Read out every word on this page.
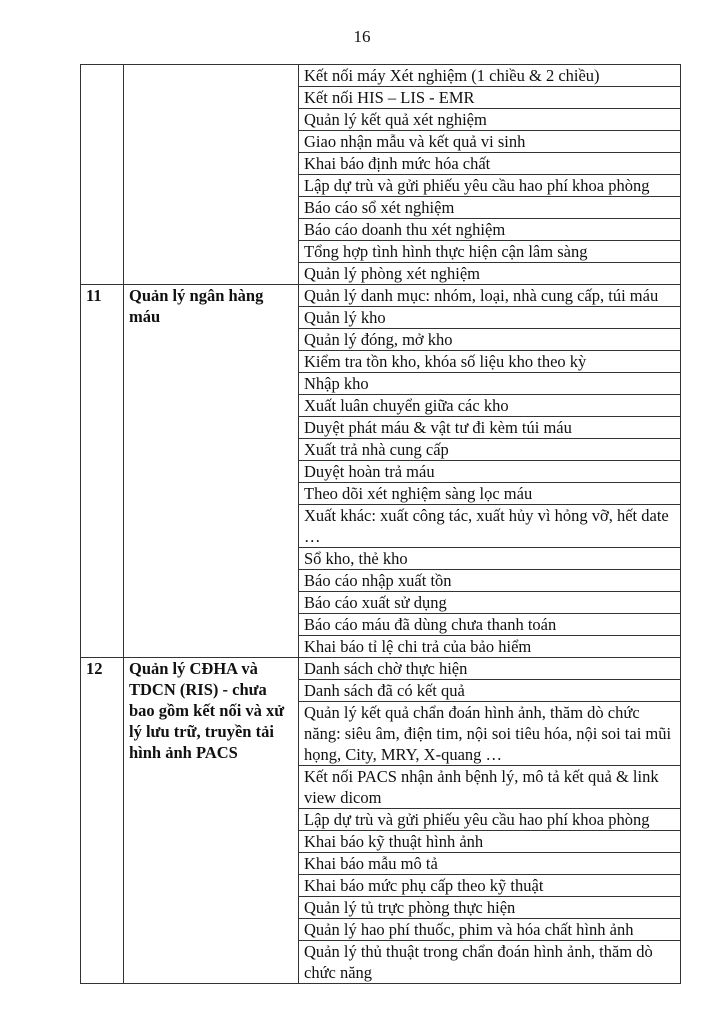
16
		Kết nối máy Xét nghiệm (1 chiều & 2 chiều)
		Kết nối HIS – LIS - EMR
		Quản lý kết quả xét nghiệm
		Giao nhận mẫu và kết quả vi sinh
		Khai báo định mức hóa chất
		Lập dự trù và gửi phiếu yêu cầu hao phí khoa phòng
		Báo cáo sổ xét nghiệm
		Báo cáo doanh thu xét nghiệm
		Tổng hợp tình hình thực hiện cận lâm sàng
		Quản lý phòng xét nghiệm
11	Quản lý ngân hàng máu	Quản lý danh mục: nhóm, loại, nhà cung cấp, túi máu
		Quản lý kho
		Quản lý đóng, mở kho
		Kiểm tra tồn kho, khóa số liệu kho theo kỳ
		Nhập kho
		Xuất luân chuyển giữa các kho
		Duyệt phát máu & vật tư đi kèm túi máu
		Xuất trả nhà cung cấp
		Duyệt hoàn trả máu
		Theo dõi xét nghiệm sàng lọc máu
		Xuất khác: xuất công tác, xuất hủy vì hỏng vỡ, hết date …
		Sổ kho, thẻ kho
		Báo cáo nhập xuất tồn
		Báo cáo xuất sử dụng
		Báo cáo máu đã dùng chưa thanh toán
		Khai báo tỉ lệ chi trả của bảo hiểm
12	Quản lý CĐHA và TDCN (RIS) - chưa bao gồm kết nối và xử lý lưu trữ, truyền tải hình ảnh PACS	Danh sách chờ thực hiện
		Danh sách đã có kết quả
		Quản lý kết quả chẩn đoán hình ảnh, thăm dò chức năng: siêu âm, điện tim, nội soi tiêu hóa, nội soi tai mũi họng, City, MRY, X-quang …
		Kết nối PACS nhận ảnh bệnh lý, mô tả kết quả & link view dicom
		Lập dự trù và gửi phiếu yêu cầu hao phí khoa phòng
		Khai báo kỹ thuật hình ảnh
		Khai báo mẫu mô tả
		Khai báo mức phụ cấp theo kỹ thuật
		Quản lý tủ trực phòng thực hiện
		Quản lý hao phí thuốc, phim và hóa chất hình ảnh
		Quản lý thủ thuật trong chẩn đoán hình ảnh, thăm dò chức năng
